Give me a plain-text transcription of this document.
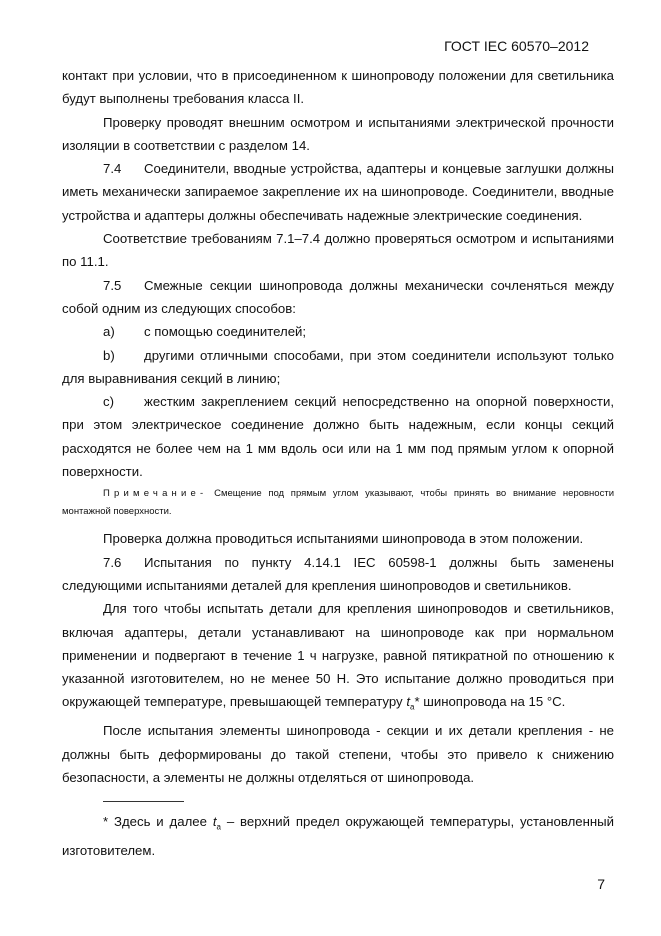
ГОСТ IEC 60570–2012

контакт при условии, что в присоединенном к шинопроводу положении для светильника будут выполнены требования класса II.

Проверку проводят внешним осмотром и испытаниями электрической прочности изоляции в соответствии с разделом 14.

7.4 Соединители, вводные устройства, адаптеры и концевые заглушки должны иметь механически запираемое закрепление их на шинопроводе. Соединители, вводные устройства и адаптеры должны обеспечивать надежные электрические соединения.

Соответствие требованиям 7.1–7.4 должно проверяться осмотром и испытаниями по 11.1.

7.5 Смежные секции шинопровода должны механически сочленяться между собой одним из следующих способов:

a) с помощью соединителей;

b) другими отличными способами, при этом соединители используют только для выравнивания секций в линию;

c) жестким закреплением секций непосредственно на опорной поверхности, при этом электрическое соединение должно быть надежным, если концы секций расходятся не более чем на 1 мм вдоль оси или на 1 мм под прямым углом к опорной поверхности.

Примечание- Смещение под прямым углом указывают, чтобы принять во внимание неровности монтажной поверхности.

Проверка должна проводиться испытаниями шинопровода в этом положении.

7.6 Испытания по пункту 4.14.1 IEC 60598-1 должны быть заменены следующими испытаниями деталей для крепления шинопроводов и светильников.

Для того чтобы испытать детали для крепления шинопроводов и светильников, включая адаптеры, детали устанавливают на шинопроводе как при нормальном применении и подвергают в течение 1 ч нагрузке, равной пятикратной по отношению к указанной изготовителем, но не менее 50 Н. Это испытание должно проводиться при окружающей температуре, превышающей температуру $t_a*$ шинопровода на 15 °С.

После испытания элементы шинопровода - секции и их детали крепления - не должны быть деформированы до такой степени, чтобы это привело к снижению безопасности, а элементы не должны отделяться от шинопровода.

* Здесь и далее $t_a$ – верхний предел окружающей температуры, установленный изготовителем.

7
